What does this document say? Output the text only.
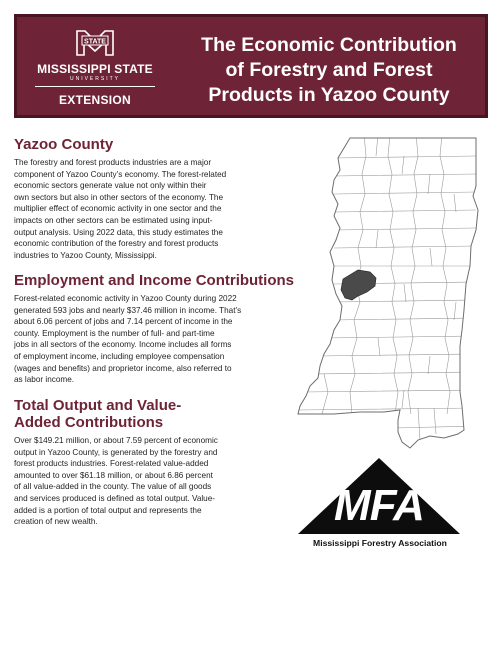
STATE
MISSISSIPPI STATE
UNIVERSITY
EXTENSION
The Economic Contribution
of Forestry and Forest
Products in Yazoo County
Yazoo County
The forestry and forest products industries are a major
component of Yazoo County’s economy. The forest-related
economic sectors generate value not only within their
own sectors but also in other sectors of the economy. The
multiplier effect of economic activity in one sector and the
impacts on other sectors can be estimated using input-
output analysis. Using 2022 data, this study estimates the
economic contribution of the forestry and forest products
industries to Yazoo County, Mississippi.
Employment and Income Contributions
Forest-related economic activity in Yazoo County during 2022
generated 593 jobs and nearly $37.46 million in income. That’s
about 6.06 percent of jobs and 7.14 percent of income in the
county. Employment is the number of full- and part-time
jobs in all sectors of the economy. Income includes all forms
of employment income, including employee compensation
(wages and benefits) and proprietor income, also referred to
as labor income.
Total Output and Value-
Added Contributions
Over $149.21 million, or about 7.59 percent of economic
output in Yazoo County, is generated by the forestry and
forest products industries. Forest-related value-added
amounted to over $61.18 million, or about 6.86 percent
of all value-added in the county. The value of all goods
and services produced is defined as total output. Value-
added is a portion of total output and represents the
creation of new wealth.	MFA
Mississippi Forestry Association
